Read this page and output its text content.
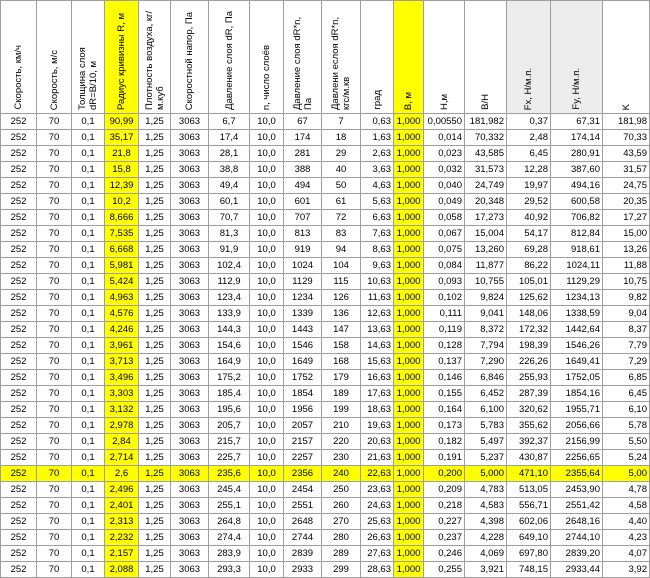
Скорость, км/ч	Скорость, м/с	Толщина слоя dR=B/10, м	Радиус кривизны R, м	Плотность воздуха, кг/м.куб	Скоростной напор, Па	Давление слоя dR, Па	n, число слоёв	Давление слоя dR*n, Па	Давлени еслоя dR*n, кгс/м.кв	град	B, м	H,м	B/H	Fx, Н/м.п.	Fy, Н/м.п.	K

252	70	0,1	90,99	1,25	3063	6,7	10,0	67	7	0,63	1,000	0,00550	181,982	0,37	67,31	181,98
252	70	0,1	35,17	1,25	3063	17,4	10,0	174	18	1,63	1,000	0,014	70,332	2,48	174,14	70,33
252	70	0,1	21,8	1,25	3063	28,1	10,0	281	29	2,63	1,000	0,023	43,585	6,45	280,91	43,59
252	70	0,1	15,8	1,25	3063	38,8	10,0	388	40	3,63	1,000	0,032	31,573	12,28	387,60	31,57
252	70	0,1	12,39	1,25	3063	49,4	10,0	494	50	4,63	1,000	0,040	24,749	19,97	494,16	24,75
252	70	0,1	10,2	1,25	3063	60,1	10,0	601	61	5,63	1,000	0,049	20,348	29,52	600,58	20,35
252	70	0,1	8,666	1,25	3063	70,7	10,0	707	72	6,63	1,000	0,058	17,273	40,92	706,82	17,27
252	70	0,1	7,535	1,25	3063	81,3	10,0	813	83	7,63	1,000	0,067	15,004	54,17	812,84	15,00
252	70	0,1	6,668	1,25	3063	91,9	10,0	919	94	8,63	1,000	0,075	13,260	69,28	918,61	13,26
252	70	0,1	5,981	1,25	3063	102,4	10,0	1024	104	9,63	1,000	0,084	11,877	86,22	1024,11	11,88
252	70	0,1	5,424	1,25	3063	112,9	10,0	1129	115	10,63	1,000	0,093	10,755	105,01	1129,29	10,75
252	70	0,1	4,963	1,25	3063	123,4	10,0	1234	126	11,63	1,000	0,102	9,824	125,62	1234,13	9,82
252	70	0,1	4,576	1,25	3063	133,9	10,0	1339	136	12,63	1,000	0,111	9,041	148,06	1338,59	9,04
252	70	0,1	4,246	1,25	3063	144,3	10,0	1443	147	13,63	1,000	0,119	8,372	172,32	1442,64	8,37
252	70	0,1	3,961	1,25	3063	154,6	10,0	1546	158	14,63	1,000	0,128	7,794	198,39	1546,26	7,79
252	70	0,1	3,713	1,25	3063	164,9	10,0	1649	168	15,63	1,000	0,137	7,290	226,26	1649,41	7,29
252	70	0,1	3,496	1,25	3063	175,2	10,0	1752	179	16,63	1,000	0,146	6,846	255,93	1752,05	6,85
252	70	0,1	3,303	1,25	3063	185,4	10,0	1854	189	17,63	1,000	0,155	6,452	287,39	1854,16	6,45
252	70	0,1	3,132	1,25	3063	195,6	10,0	1956	199	18,63	1,000	0,164	6,100	320,62	1955,71	6,10
252	70	0,1	2,978	1,25	3063	205,7	10,0	2057	210	19,63	1,000	0,173	5,783	355,62	2056,66	5,78
252	70	0,1	2,84	1,25	3063	215,7	10,0	2157	220	20,63	1,000	0,182	5,497	392,37	2156,99	5,50
252	70	0,1	2,714	1,25	3063	225,7	10,0	2257	230	21,63	1,000	0,191	5,237	430,87	2256,65	5,24
252	70	0,1	2,6	1,25	3063	235,6	10,0	2356	240	22,63	1,000	0,200	5,000	471,10	2355,64	5,00
252	70	0,1	2,496	1,25	3063	245,4	10,0	2454	250	23,63	1,000	0,209	4,783	513,05	2453,90	4,78
252	70	0,1	2,401	1,25	3063	255,1	10,0	2551	260	24,63	1,000	0,218	4,583	556,71	2551,42	4,58
252	70	0,1	2,313	1,25	3063	264,8	10,0	2648	270	25,63	1,000	0,227	4,398	602,06	2648,16	4,40
252	70	0,1	2,232	1,25	3063	274,4	10,0	2744	280	26,63	1,000	0,237	4,228	649,10	2744,10	4,23
252	70	0,1	2,157	1,25	3063	283,9	10,0	2839	289	27,63	1,000	0,246	4,069	697,80	2839,20	4,07
252	70	0,1	2,088	1,25	3063	293,3	10,0	2933	299	28,63	1,000	0,255	3,921	748,15	2933,44	3,92
